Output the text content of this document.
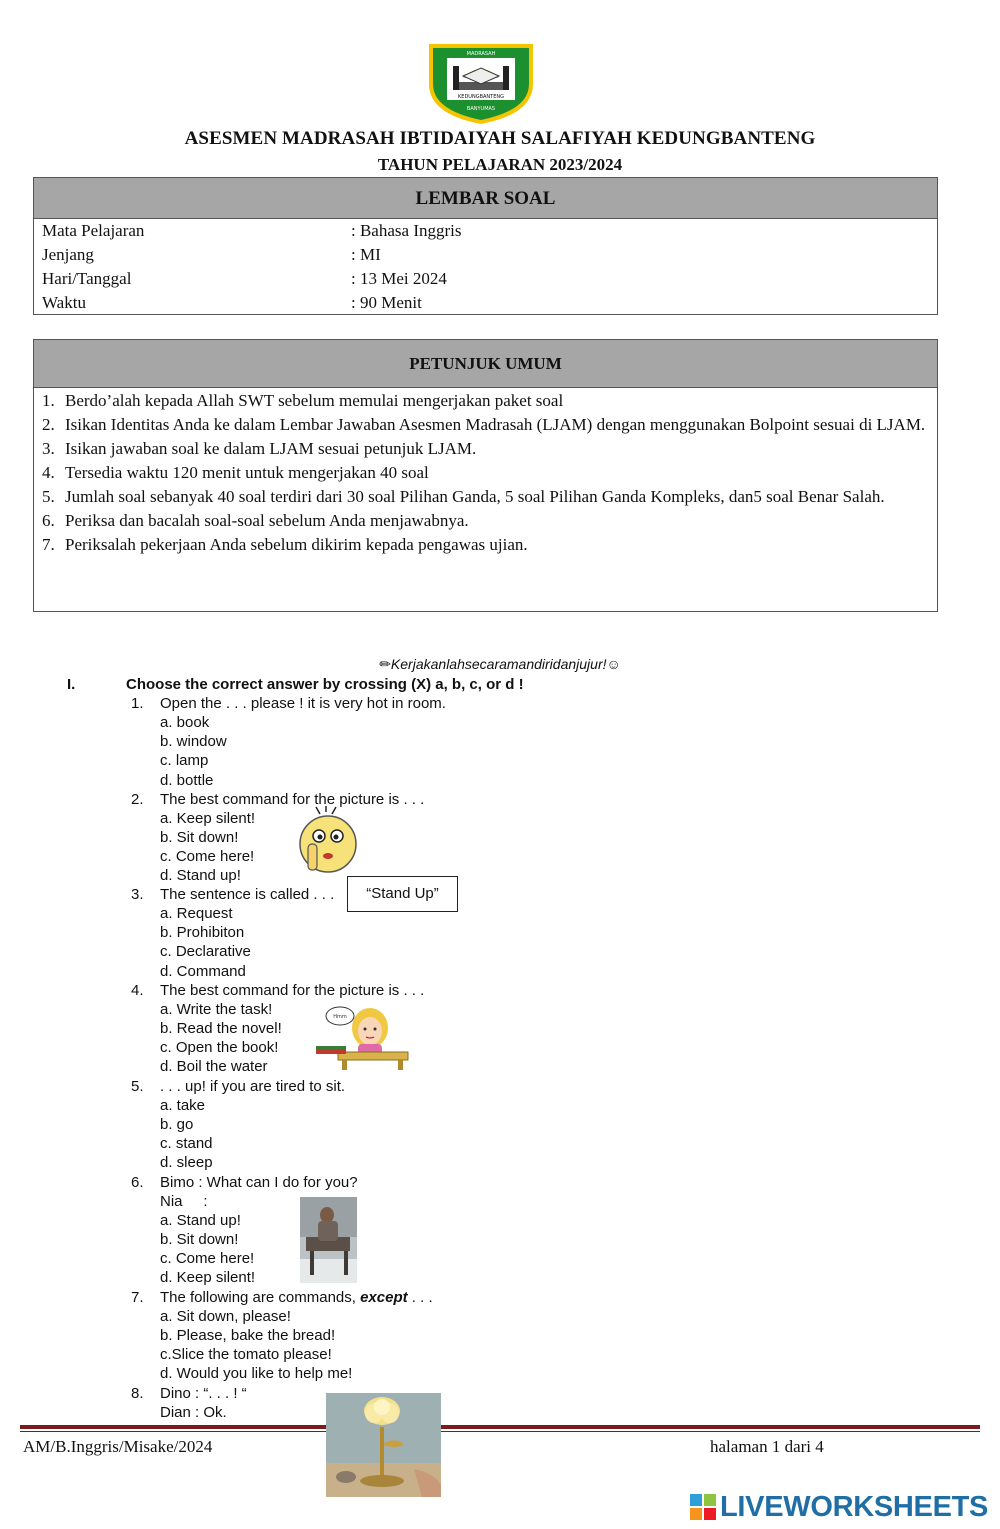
MADRASAH
KEDUNGBANTENG
BANYUMAS
ASESMEN MADRASAH IBTIDAIYAH SALAFIYAH KEDUNGBANTENG
TAHUN PELAJARAN 2023/2024
LEMBAR SOAL
Mata Pelajaran	: Bahasa Inggris
Jenjang	: MI
Hari/Tanggal	: 13 Mei 2024
Waktu	: 90 Menit
PETUNJUK UMUM
1. Berdo’alah kepada Allah SWT sebelum memulai mengerjakan paket soal
2. Isikan Identitas Anda ke dalam Lembar Jawaban Asesmen Madrasah (LJAM) dengan menggunakan Bolpoint sesuai di LJAM.
3. Isikan jawaban soal ke dalam LJAM sesuai petunjuk LJAM.
4. Tersedia waktu 120 menit untuk mengerjakan 40 soal
5. Jumlah soal sebanyak 40 soal terdiri dari 30 soal Pilihan Ganda, 5 soal Pilihan Ganda Kompleks, dan5 soal Benar Salah.
6. Periksa dan bacalah soal-soal sebelum Anda menjawabnya.
7. Periksalah pekerjaan Anda sebelum dikirim kepada pengawas ujian.
✏Kerjakanlahsecaramandiridanjujur!☺
I.	Choose the correct answer by crossing (X) a, b, c, or d !
1. Open the . . . please ! it is very hot in room.
a. book
b. window
c. lamp
d. bottle
2. The best command for the picture is . . .
a. Keep silent!
b. Sit down!
c. Come here!
d. Stand up!
3. The sentence is called . . .	“Stand Up”
a. Request
b. Prohibiton
c. Declarative
d. Command
4. The best command for the picture is . . .
a. Write the task!
b. Read the novel!
c. Open the book!
d. Boil the water
Hmm
5. . . . up! if you are tired to sit.
a. take
b. go
c. stand
d. sleep
6. Bimo : What can I do for you?
Nia     :
a. Stand up!
b. Sit down!
c. Come here!
d. Keep silent!
7. The following are commands, except . . .
a. Sit down, please!
b. Please, bake the bread!
c.Slice the tomato please!
d. Would you like to help me!
8. Dino : “. . . ! “
Dian : Ok.
AM/B.Inggris/Misake/2024	halaman 1 dari 4
LIVEWORKSHEETS
